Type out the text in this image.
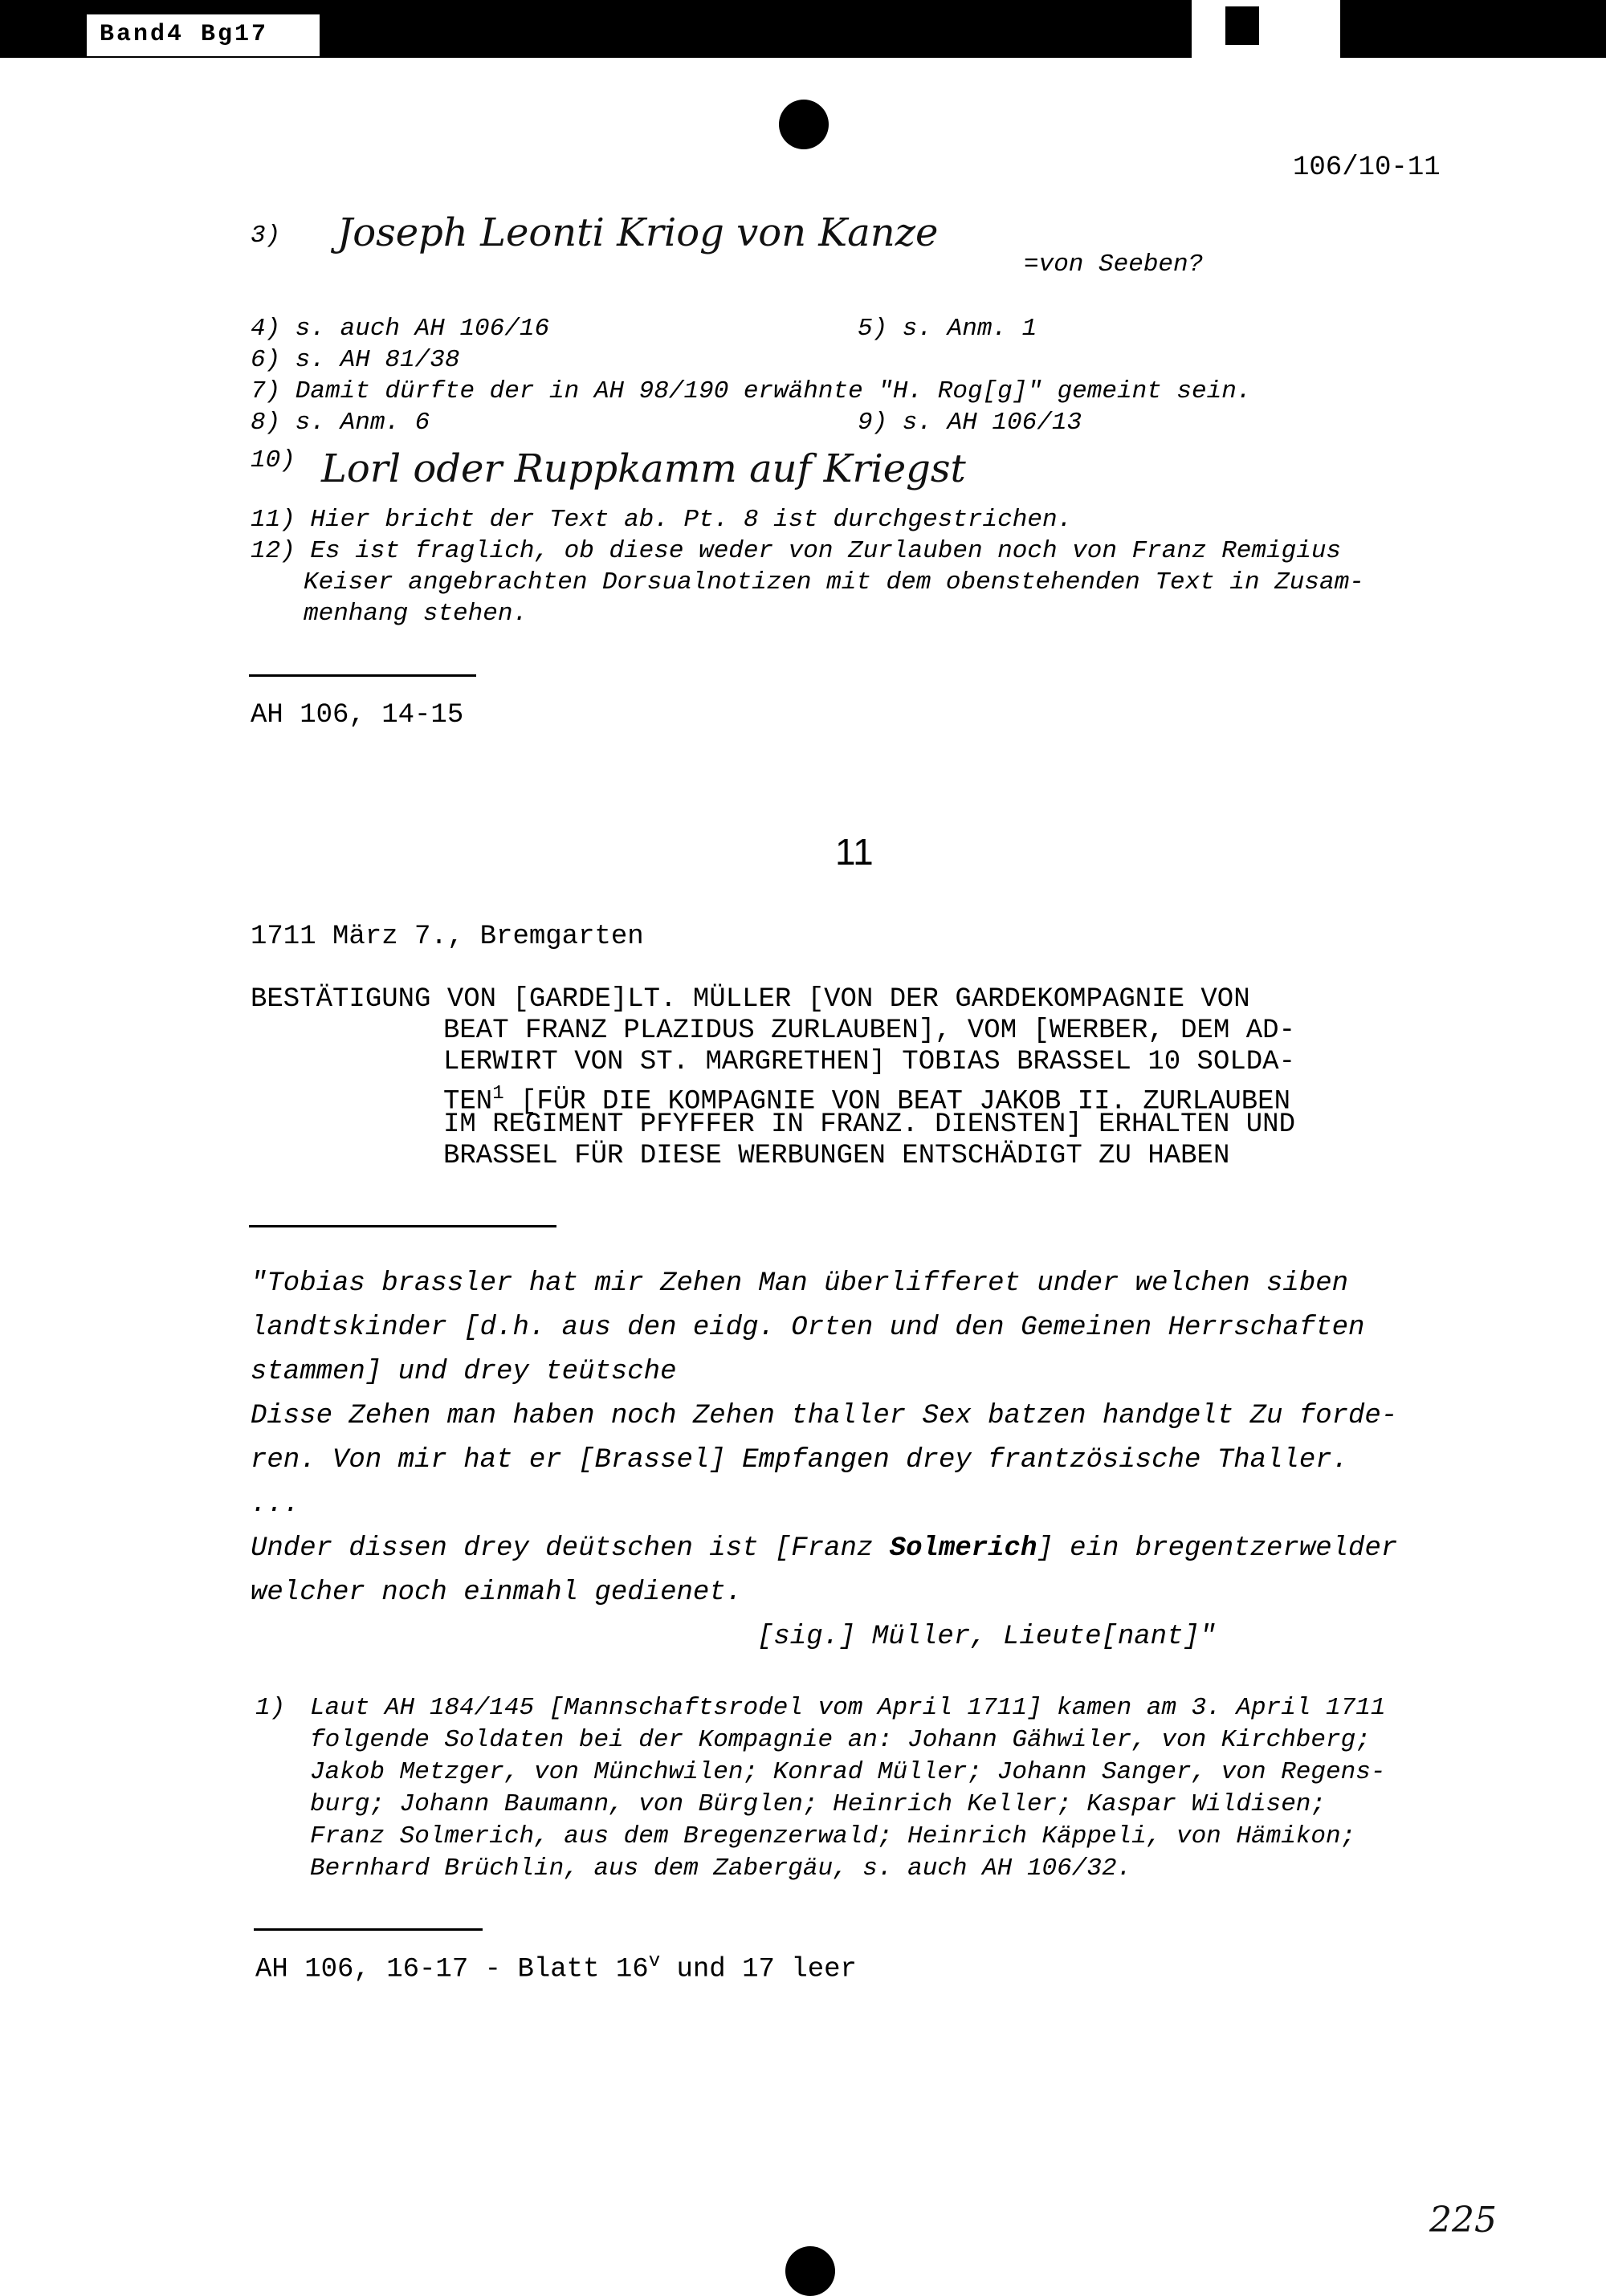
Band4 Bg17
106/10-11
3) Joseph Leonti Kriog von Kanze
=von Seeben?
4) s. auch AH 106/16	5) s. Anm. 1
6) s. AH 81/38
7) Damit dürfte der in AH 98/190 erwähnte "H. Rog[g]" gemeint sein.
8) s. Anm. 6	9) s. AH 106/13
10) Lorl oder Ruppkamm auf Kriegst
11) Hier bricht der Text ab. Pt. 8 ist durchgestrichen.
12) Es ist fraglich, ob diese weder von Zurlauben noch von Franz Remigius
Keiser angebrachten Dorsualnotizen mit dem obenstehenden Text in Zusam-
menhang stehen.
AH 106, 14-15
11
1711 März 7., Bremgarten
BESTÄTIGUNG VON [GARDE]LT. MÜLLER [VON DER GARDEKOMPAGNIE VON
BEAT FRANZ PLAZIDUS ZURLAUBEN], VOM [WERBER, DEM AD-
LERWIRT VON ST. MARGRETHEN] TOBIAS BRASSEL 10 SOLDA-
TEN$^1$ [FÜR DIE KOMPAGNIE VON BEAT JAKOB II. ZURLAUBEN
IM REGIMENT PFYFFER IN FRANZ. DIENSTEN] ERHALTEN UND
BRASSEL FÜR DIESE WERBUNGEN ENTSCHÄDIGT ZU HABEN
"Tobias brassler hat mir Zehen Man überlifferet under welchen siben
landtskinder [d.h. aus den eidg. Orten und den Gemeinen Herrschaften
stammen] und drey teütsche
Disse Zehen man haben noch Zehen thaller Sex batzen handgelt Zu forde-
ren. Von mir hat er [Brassel] Empfangen drey frantzösische Thaller.
...
Under dissen drey deütschen ist [Franz Solmerich] ein bregentzerwelder
welcher noch einmahl gedienet.
[sig.] Müller, Lieute[nant]"
1) Laut AH 184/145 [Mannschaftsrodel vom April 1711] kamen am 3. April 1711
folgende Soldaten bei der Kompagnie an: Johann Gähwiler, von Kirchberg;
Jakob Metzger, von Münchwilen; Konrad Müller; Johann Sanger, von Regens-
burg; Johann Baumann, von Bürglen; Heinrich Keller; Kaspar Wildisen;
Franz Solmerich, aus dem Bregenzerwald; Heinrich Käppeli, von Hämikon;
Bernhard Brüchlin, aus dem Zabergäu, s. auch AH 106/32.
AH 106, 16-17 - Blatt 16$^v$ und 17 leer
225
